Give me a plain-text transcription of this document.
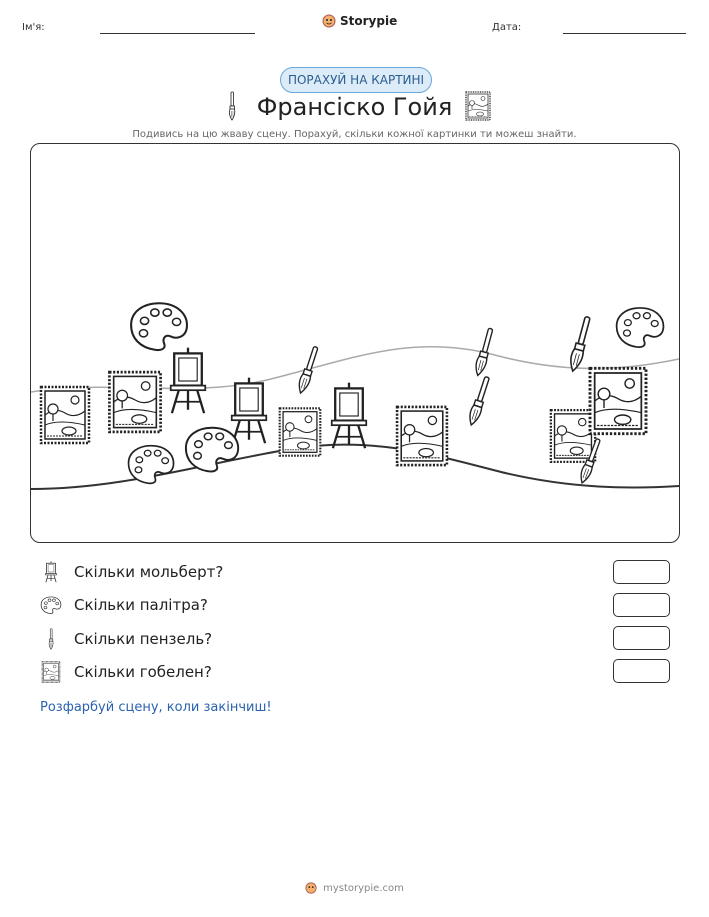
Ім'я:	Storypie	Дата:
ПОРАХУЙ НА КАРТИНІ
Франсіско Гойя
Подивись на цю жваву сцену. Порахуй, скільки кожної картинки ти можеш знайти.
Скільки мольберт?
Скільки палітра?
Скільки пензель?
Скільки гобелен?
Розфарбуй сцену, коли закінчиш!
mystorypie.com
